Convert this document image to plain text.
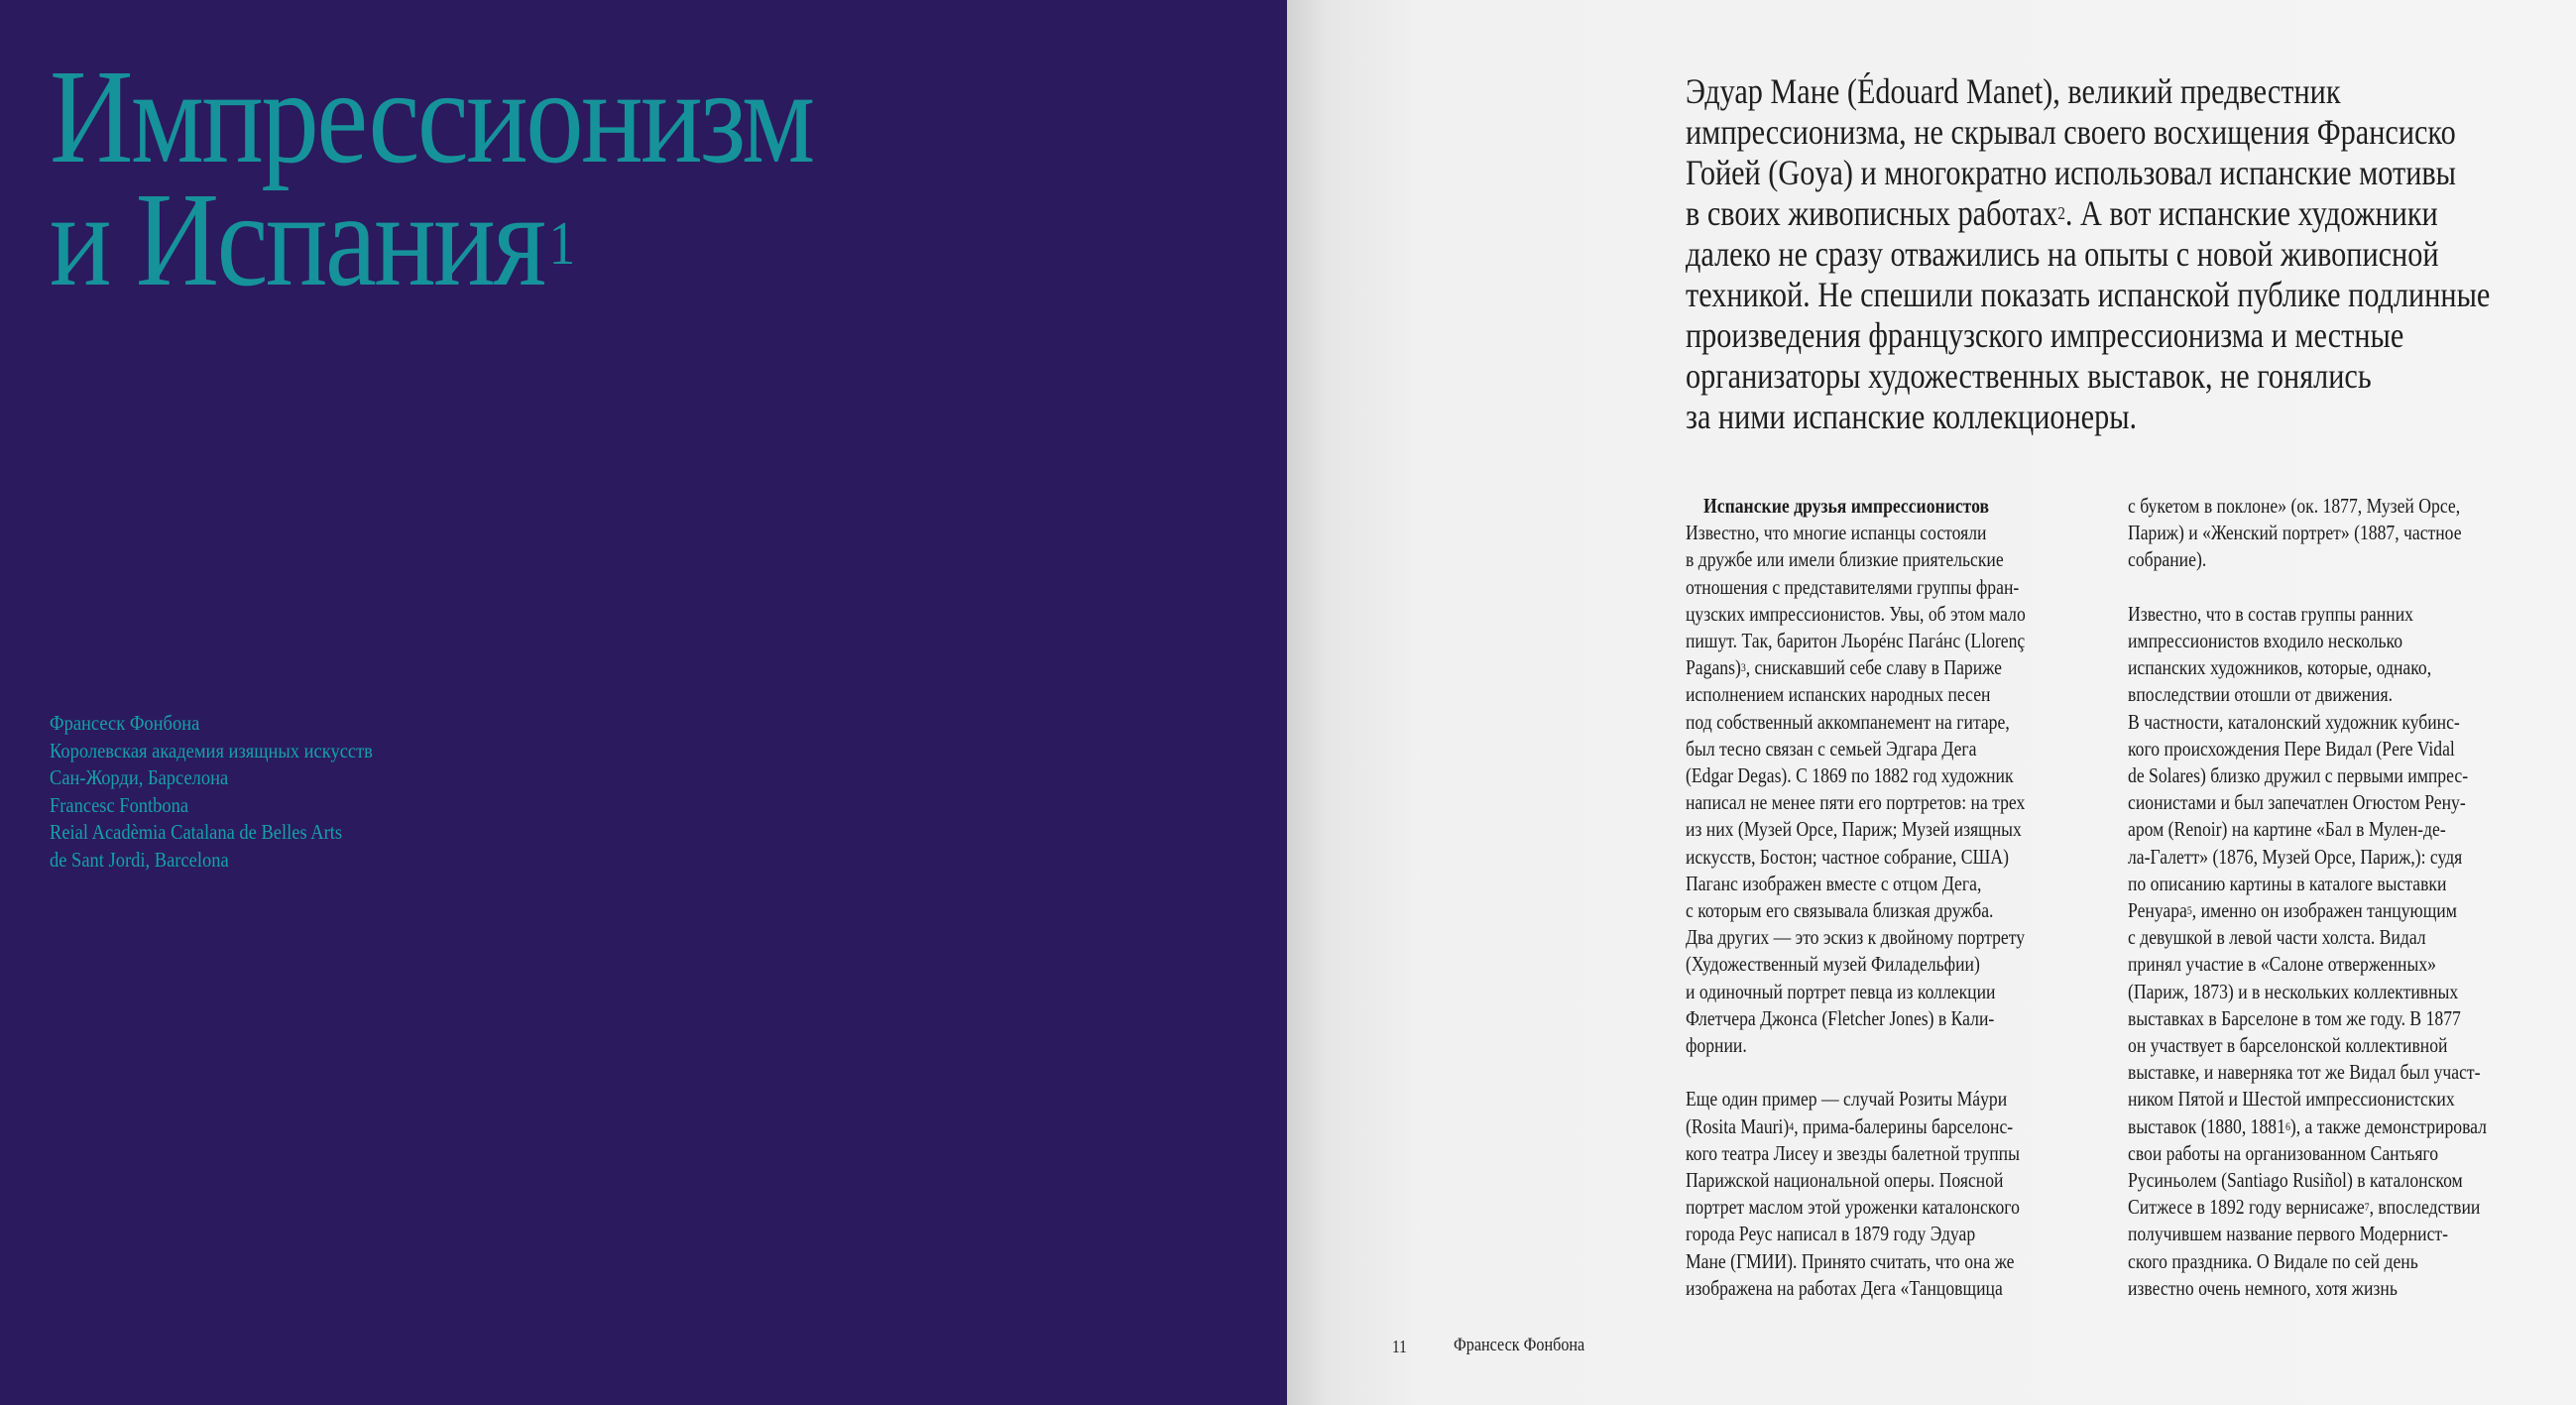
Импрессионизм
и Испания$^1$
Франсеск Фонбона
Королевская академия изящных искусств
Сан-Жорди, Барселона
Francesc Fontbona
Reial Acadèmia Catalana de Belles Arts
de Sant Jordi, Barcelona
Эдуар Мане (Édouard Manet), великий предвестник
импрессионизма, не скрывал своего восхищения Франсиско
Гойей (Goya) и многократно использовал испанские мотивы
в своих живописных работах$^2$. А вот испанские художники
далеко не сразу отважились на опыты с новой живописной
техникой. Не спешили показать испанской публике подлинные
произведения французского импрессионизма и местные
организаторы художественных выставок, не гонялись
за ними испанские коллекционеры.
Испанские друзья импрессионистов
Известно, что многие испанцы состояли
в дружбе или имели близкие приятельские
отношения с представителями группы фран-
цузских импрессионистов. Увы, об этом мало
пишут. Так, баритон Льорéнс Пагáнс (Llorenç
Pagans)$^3$, снискавший себе славу в Париже
исполнением испанских народных песен
под собственный аккомпанемент на гитаре,
был тесно связан с семьей Эдгара Дега
(Edgar Degas). С 1869 по 1882 год художник
написал не менее пяти его портретов: на трех
из них (Музей Орсе, Париж; Музей изящных
искусств, Бостон; частное собрание, США)
Паганс изображен вместе с отцом Дега,
с которым его связывала близкая дружба.
Два других — это эскиз к двойному портрету
(Художественный музей Филадельфии)
и одиночный портрет певца из коллекции
Флетчера Джонса (Fletcher Jones) в Кали-
форнии.
Еще один пример — случай Розиты Мáури
(Rosita Mauri)$^4$, прима-балерины барселонс-
кого театра Лисеу и звезды балетной труппы
Парижской национальной оперы. Поясной
портрет маслом этой уроженки каталонского
города Реус написал в 1879 году Эдуар
Мане (ГМИИ). Принято считать, что она же
изображена на работах Дега «Танцовщица
с букетом в поклоне» (ок. 1877, Музей Орсе,
Париж) и «Женский портрет» (1887, частное
собрание).
Известно, что в состав группы ранних
импрессионистов входило несколько
испанских художников, которые, однако,
впоследствии отошли от движения.
В частности, каталонский художник кубинс-
кого происхождения Пере Видал (Pere Vidal
de Solares) близко дружил с первыми импрес-
сионистами и был запечатлен Огюстом Рену-
аром (Renoir) на картине «Бал в Мулен-де-
ла-Галетт» (1876, Музей Орсе, Париж,): судя
по описанию картины в каталоге выставки
Ренуара$^5$, именно он изображен танцующим
с девушкой в левой части холста. Видал
принял участие в «Салоне отверженных»
(Париж, 1873) и в нескольких коллективных
выставках в Барселоне в том же году. В 1877
он участвует в барселонской коллективной
выставке, и наверняка тот же Видал был участ-
ником Пятой и Шестой импрессионистских
выставок (1880, 1881$^6$), а также демонстрировал
свои работы на организованном Сантьяго
Русиньолем (Santiago Rusiñol) в каталонском
Ситжесе в 1892 году вернисаже$^7$, впоследствии
получившем название первого Модернист-
ского праздника. О Видале по сей день
известно очень немного, хотя жизнь
11 Франсеск Фонбона
